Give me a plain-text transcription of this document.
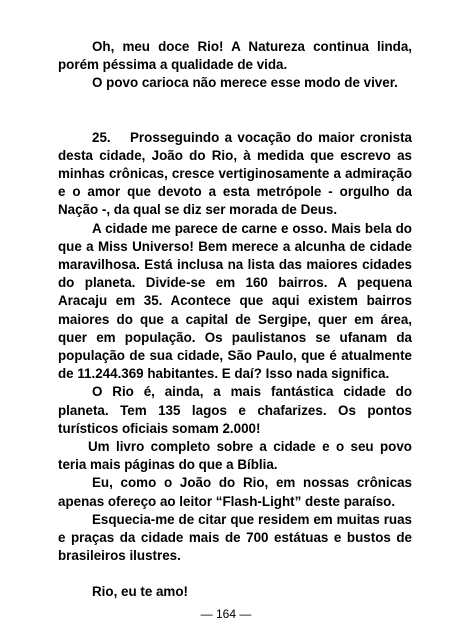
Oh, meu doce Rio! A Natureza continua linda, porém péssima a qualidade de vida.

O povo carioca não merece esse modo de viver.

25. Prosseguindo a vocação do maior cronista desta cidade, João do Rio, à medida que escrevo as minhas crônicas, cresce vertiginosamente a admiração e o amor que devoto a esta metrópole - orgulho da Nação -, da qual se diz ser morada de Deus.

A cidade me parece de carne e osso. Mais bela do que a Miss Universo! Bem merece a alcunha de cidade maravilhosa. Está inclusa na lista das maiores cidades do planeta. Divide-se em 160 bairros. A pequena Aracaju em 35. Acontece que aqui existem bairros maiores do que a capital de Sergipe, quer em área, quer em população. Os paulistanos se ufanam da população de sua cidade, São Paulo, que é atualmente de 11.244.369 habitantes. E daí? Isso nada significa.

O Rio é, ainda, a mais fantástica cidade do planeta. Tem 135 lagos e chafarizes. Os pontos turísticos oficiais somam 2.000!

Um livro completo sobre a cidade e o seu povo teria mais páginas do que a Bíblia.

Eu, como o João do Rio, em nossas crônicas apenas ofereço ao leitor “Flash-Light” deste paraíso.

Esquecia-me de citar que residem em muitas ruas e praças da cidade mais de 700 estátuas e bustos de brasileiros ilustres.

Rio, eu te amo!

— 164 —
